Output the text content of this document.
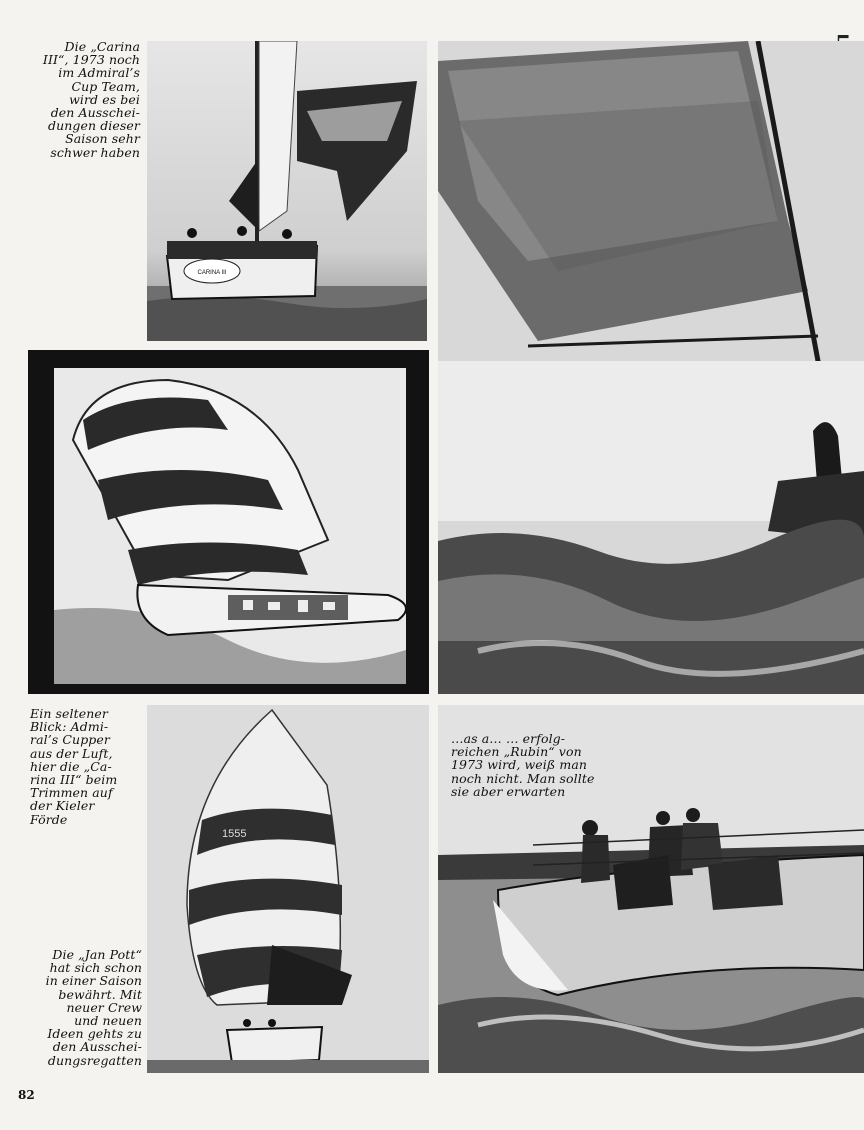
Die „Carina
III“, 1973 noch
im Admiral’s
Cup Team,
wird es bei
den Ausschei-
dungen dieser
Saison sehr
schwer haben
CARINA III
Ein seltener
Blick: Admi-
ral’s Cupper
aus der Luft,
hier die „Ca-
rina III“ beim
Trimmen auf
der Kieler
Förde
1555
Die „Jan Pott“
hat sich schon
in einer Saison
bewährt. Mit
neuer Crew
und neuen
Ideen gehts zu
den Ausschei-
dungsregatten
…as a… … erfolg-
reichen „Rubin“ von
1973 wird, weiß man
noch nicht. Man sollte
sie aber erwarten
82
